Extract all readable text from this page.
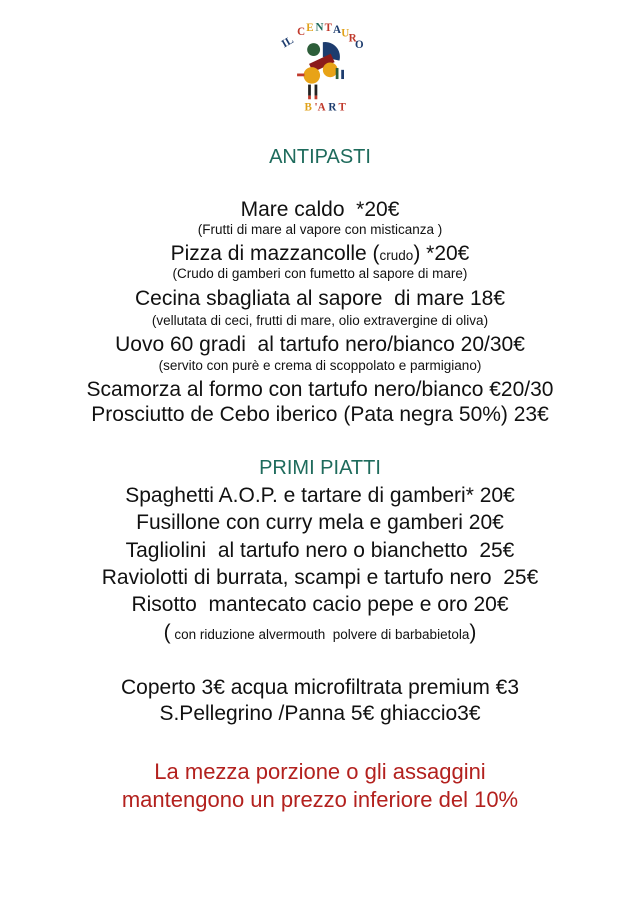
IL
C E N T A U R
O
B 'A R T
ANTIPASTI
Mare caldo  *20€
(Frutti di mare al vapore con misticanza )
Pizza di mazzancolle (crudo) *20€
(Crudo di gamberi con fumetto al sapore di mare)
Cecina sbagliata al sapore  di mare 18€
(vellutata di ceci, frutti di mare, olio extravergine di oliva)
Uovo 60 gradi  al tartufo nero/bianco 20/30€
(servito con purè e crema di scoppolato e parmigiano)
Scamorza al formo con tartufo nero/bianco €20/30
Prosciutto de Cebo iberico (Pata negra 50%) 23€
PRIMI PIATTI
Spaghetti A.O.P. e tartare di gamberi* 20€
Fusillone con curry mela e gamberi 20€
Tagliolini  al tartufo nero o bianchetto  25€
Raviolotti di burrata, scampi e tartufo nero  25€
Risotto  mantecato cacio pepe e oro 20€
( con riduzione alvermouth  polvere di barbabietola)
Coperto 3€ acqua microfiltrata premium €3
S.Pellegrino /Panna 5€ ghiaccio3€
La mezza porzione o gli assaggini
mantengono un prezzo inferiore del 10%
